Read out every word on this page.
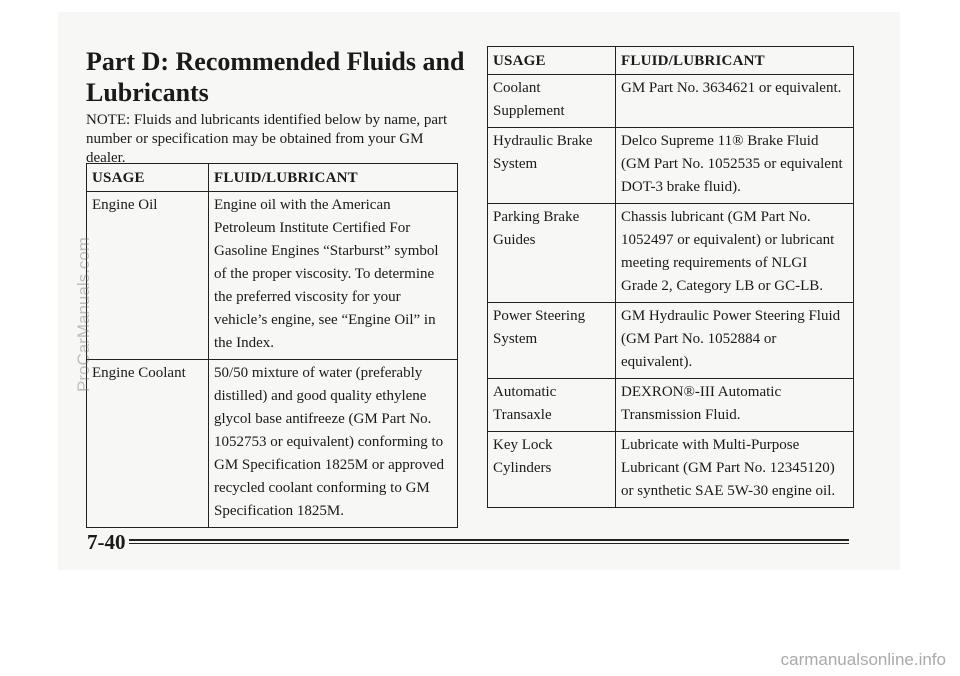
Part D: Recommended Fluids and Lubricants

NOTE: Fluids and lubricants identified below by name, part number or specification may be obtained from your GM dealer.

USAGE	FLUID/LUBRICANT
Engine Oil	Engine oil with the American Petroleum Institute Certified For Gasoline Engines “Starburst” symbol of the proper viscosity. To determine the preferred viscosity for your vehicle’s engine, see “Engine Oil” in the Index.
Engine Coolant	50/50 mixture of water (preferably distilled) and good quality ethylene glycol base antifreeze (GM Part No. 1052753 or equivalent) conforming to GM Specification 1825M or approved recycled coolant conforming to GM Specification 1825M.
USAGE	FLUID/LUBRICANT
Coolant Supplement	GM Part No. 3634621 or equivalent.
Hydraulic Brake System	Delco Supreme 11® Brake Fluid (GM Part No. 1052535 or equivalent DOT-3 brake fluid).
Parking Brake Guides	Chassis lubricant (GM Part No. 1052497 or equivalent) or lubricant meeting requirements of NLGI Grade 2, Category LB or GC-LB.
Power Steering System	GM Hydraulic Power Steering Fluid (GM Part No. 1052884 or equivalent).
Automatic Transaxle	DEXRON®-III Automatic Transmission Fluid.
Key Lock Cylinders	Lubricate with Multi-Purpose Lubricant (GM Part No. 12345120) or synthetic SAE 5W-30 engine oil.
7-40
ProCarManuals.com
carmanualsonline.info
